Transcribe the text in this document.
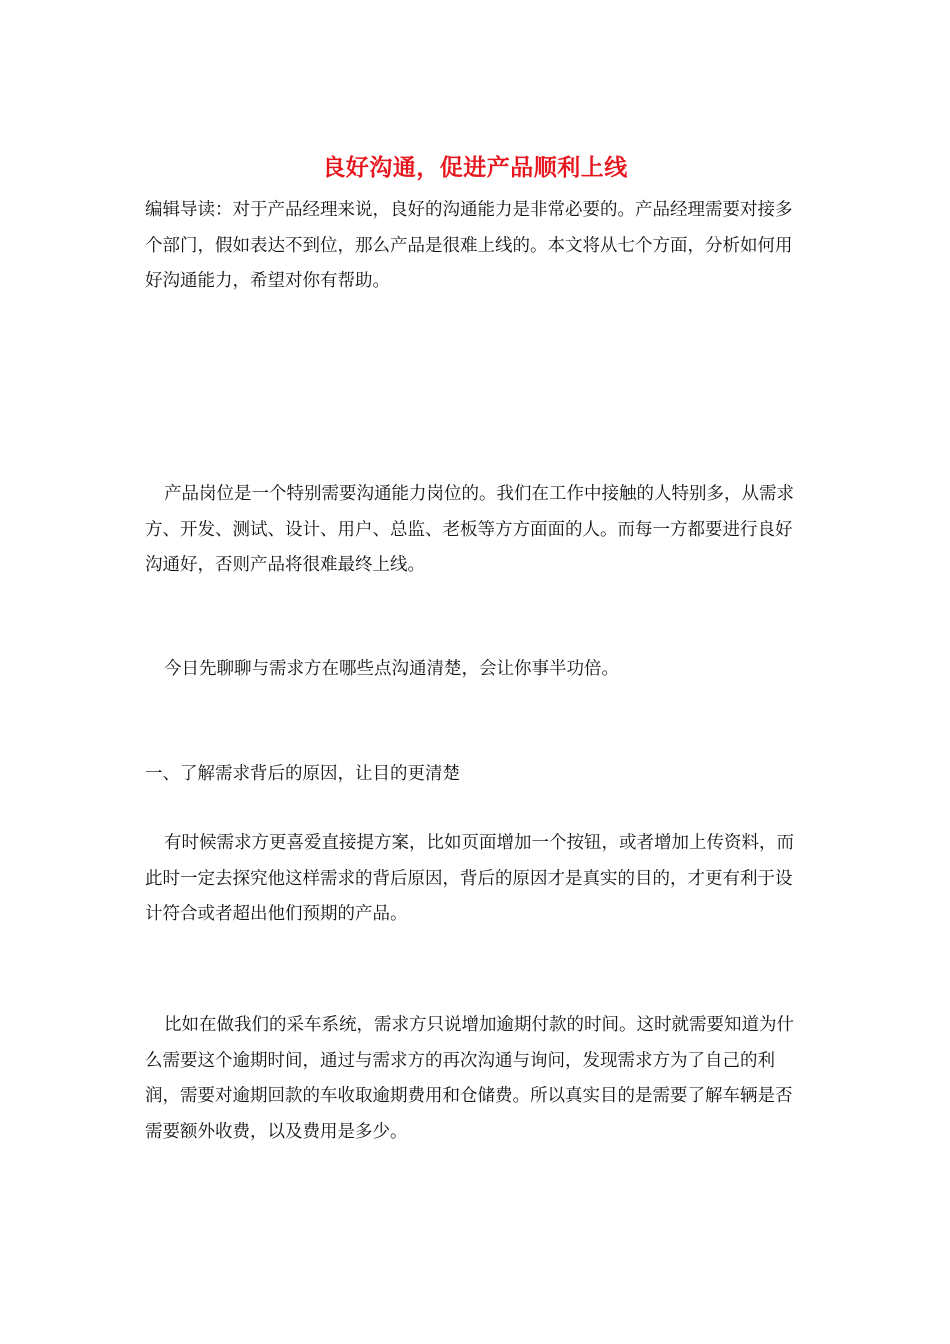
良好沟通，促进产品顺利上线

编辑导读：对于产品经理来说，良好的沟通能力是非常必要的。产品经理需要对接多个部门，假如表达不到位，那么产品是很难上线的。本文将从七个方面，分析如何用好沟通能力，希望对你有帮助。

产品岗位是一个特别需要沟通能力岗位的。我们在工作中接触的人特别多，从需求方、开发、测试、设计、用户、总监、老板等方方面面的人。而每一方都要进行良好沟通好，否则产品将很难最终上线。

今日先聊聊与需求方在哪些点沟通清楚，会让你事半功倍。

一、了解需求背后的原因，让目的更清楚

有时候需求方更喜爱直接提方案，比如页面增加一个按钮，或者增加上传资料，而此时一定去探究他这样需求的背后原因，背后的原因才是真实的目的，才更有利于设计符合或者超出他们预期的产品。

比如在做我们的采车系统，需求方只说增加逾期付款的时间。这时就需要知道为什么需要这个逾期时间，通过与需求方的再次沟通与询问，发现需求方为了自己的利润，需要对逾期回款的车收取逾期费用和仓储费。所以真实目的是需要了解车辆是否需要额外收费，以及费用是多少。
